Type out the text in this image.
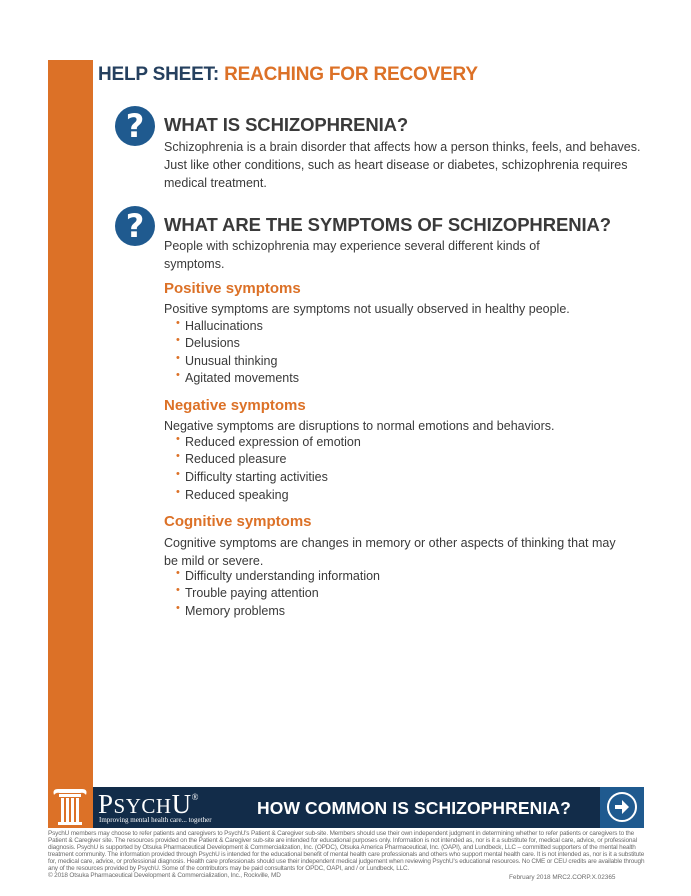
HELP SHEET: REACHING FOR RECOVERY
?	WHAT IS SCHIZOPHRENIA?
Schizophrenia is a brain disorder that affects how a person thinks, feels, and behaves. Just like other conditions, such as heart disease or diabetes, schizophrenia requires medical treatment.
?	WHAT ARE THE SYMPTOMS OF SCHIZOPHRENIA?
People with schizophrenia may experience several different kinds of symptoms.
Positive symptoms
Positive symptoms are symptoms not usually observed in healthy people.
• Hallucinations
• Delusions
• Unusual thinking
• Agitated movements
Negative symptoms
Negative symptoms are disruptions to normal emotions and behaviors.
• Reduced expression of emotion
• Reduced pleasure
• Difficulty starting activities
• Reduced speaking
Cognitive symptoms
Cognitive symptoms are changes in memory or other aspects of thinking that may be mild or severe.
• Difficulty understanding information
• Trouble paying attention
• Memory problems
PSYCHU®
Improving mental health care... together
HOW COMMON IS SCHIZOPHRENIA?
PsychU members may choose to refer patients and caregivers to PsychU's Patient & Caregiver sub-site. Members should use their own independent judgment in determining whether to refer patients or caregivers to the Patient & Caregiver site. The resources provided on the Patient & Caregiver sub-site are intended for educational purposes only. Information is not intended as, nor is it a substitute for, medical care, advice, or professional diagnosis. PsychU is supported by Otsuka Pharmaceutical Development & Commercialization, Inc. (OPDC), Otsuka America Pharmaceutical, Inc. (OAPI), and Lundbeck, LLC – committed supporters of the mental health treatment community. The information provided through PsychU is intended for the educational benefit of mental health care professionals and others who support mental health care. It is not intended as, nor is it a substitute for, medical care, advice, or professional diagnosis. Health care professionals should use their independent medical judgement when reviewing PsychU's educational resources. No CME or CEU credits are available through any of the resources provided by PsychU. Some of the contributors may be paid consultants for OPDC, OAPI, and / or Lundbeck, LLC.
© 2018 Otsuka Pharmaceutical Development & Commercialization, Inc., Rockville, MD	February 2018 MRC2.CORP.X.02365
